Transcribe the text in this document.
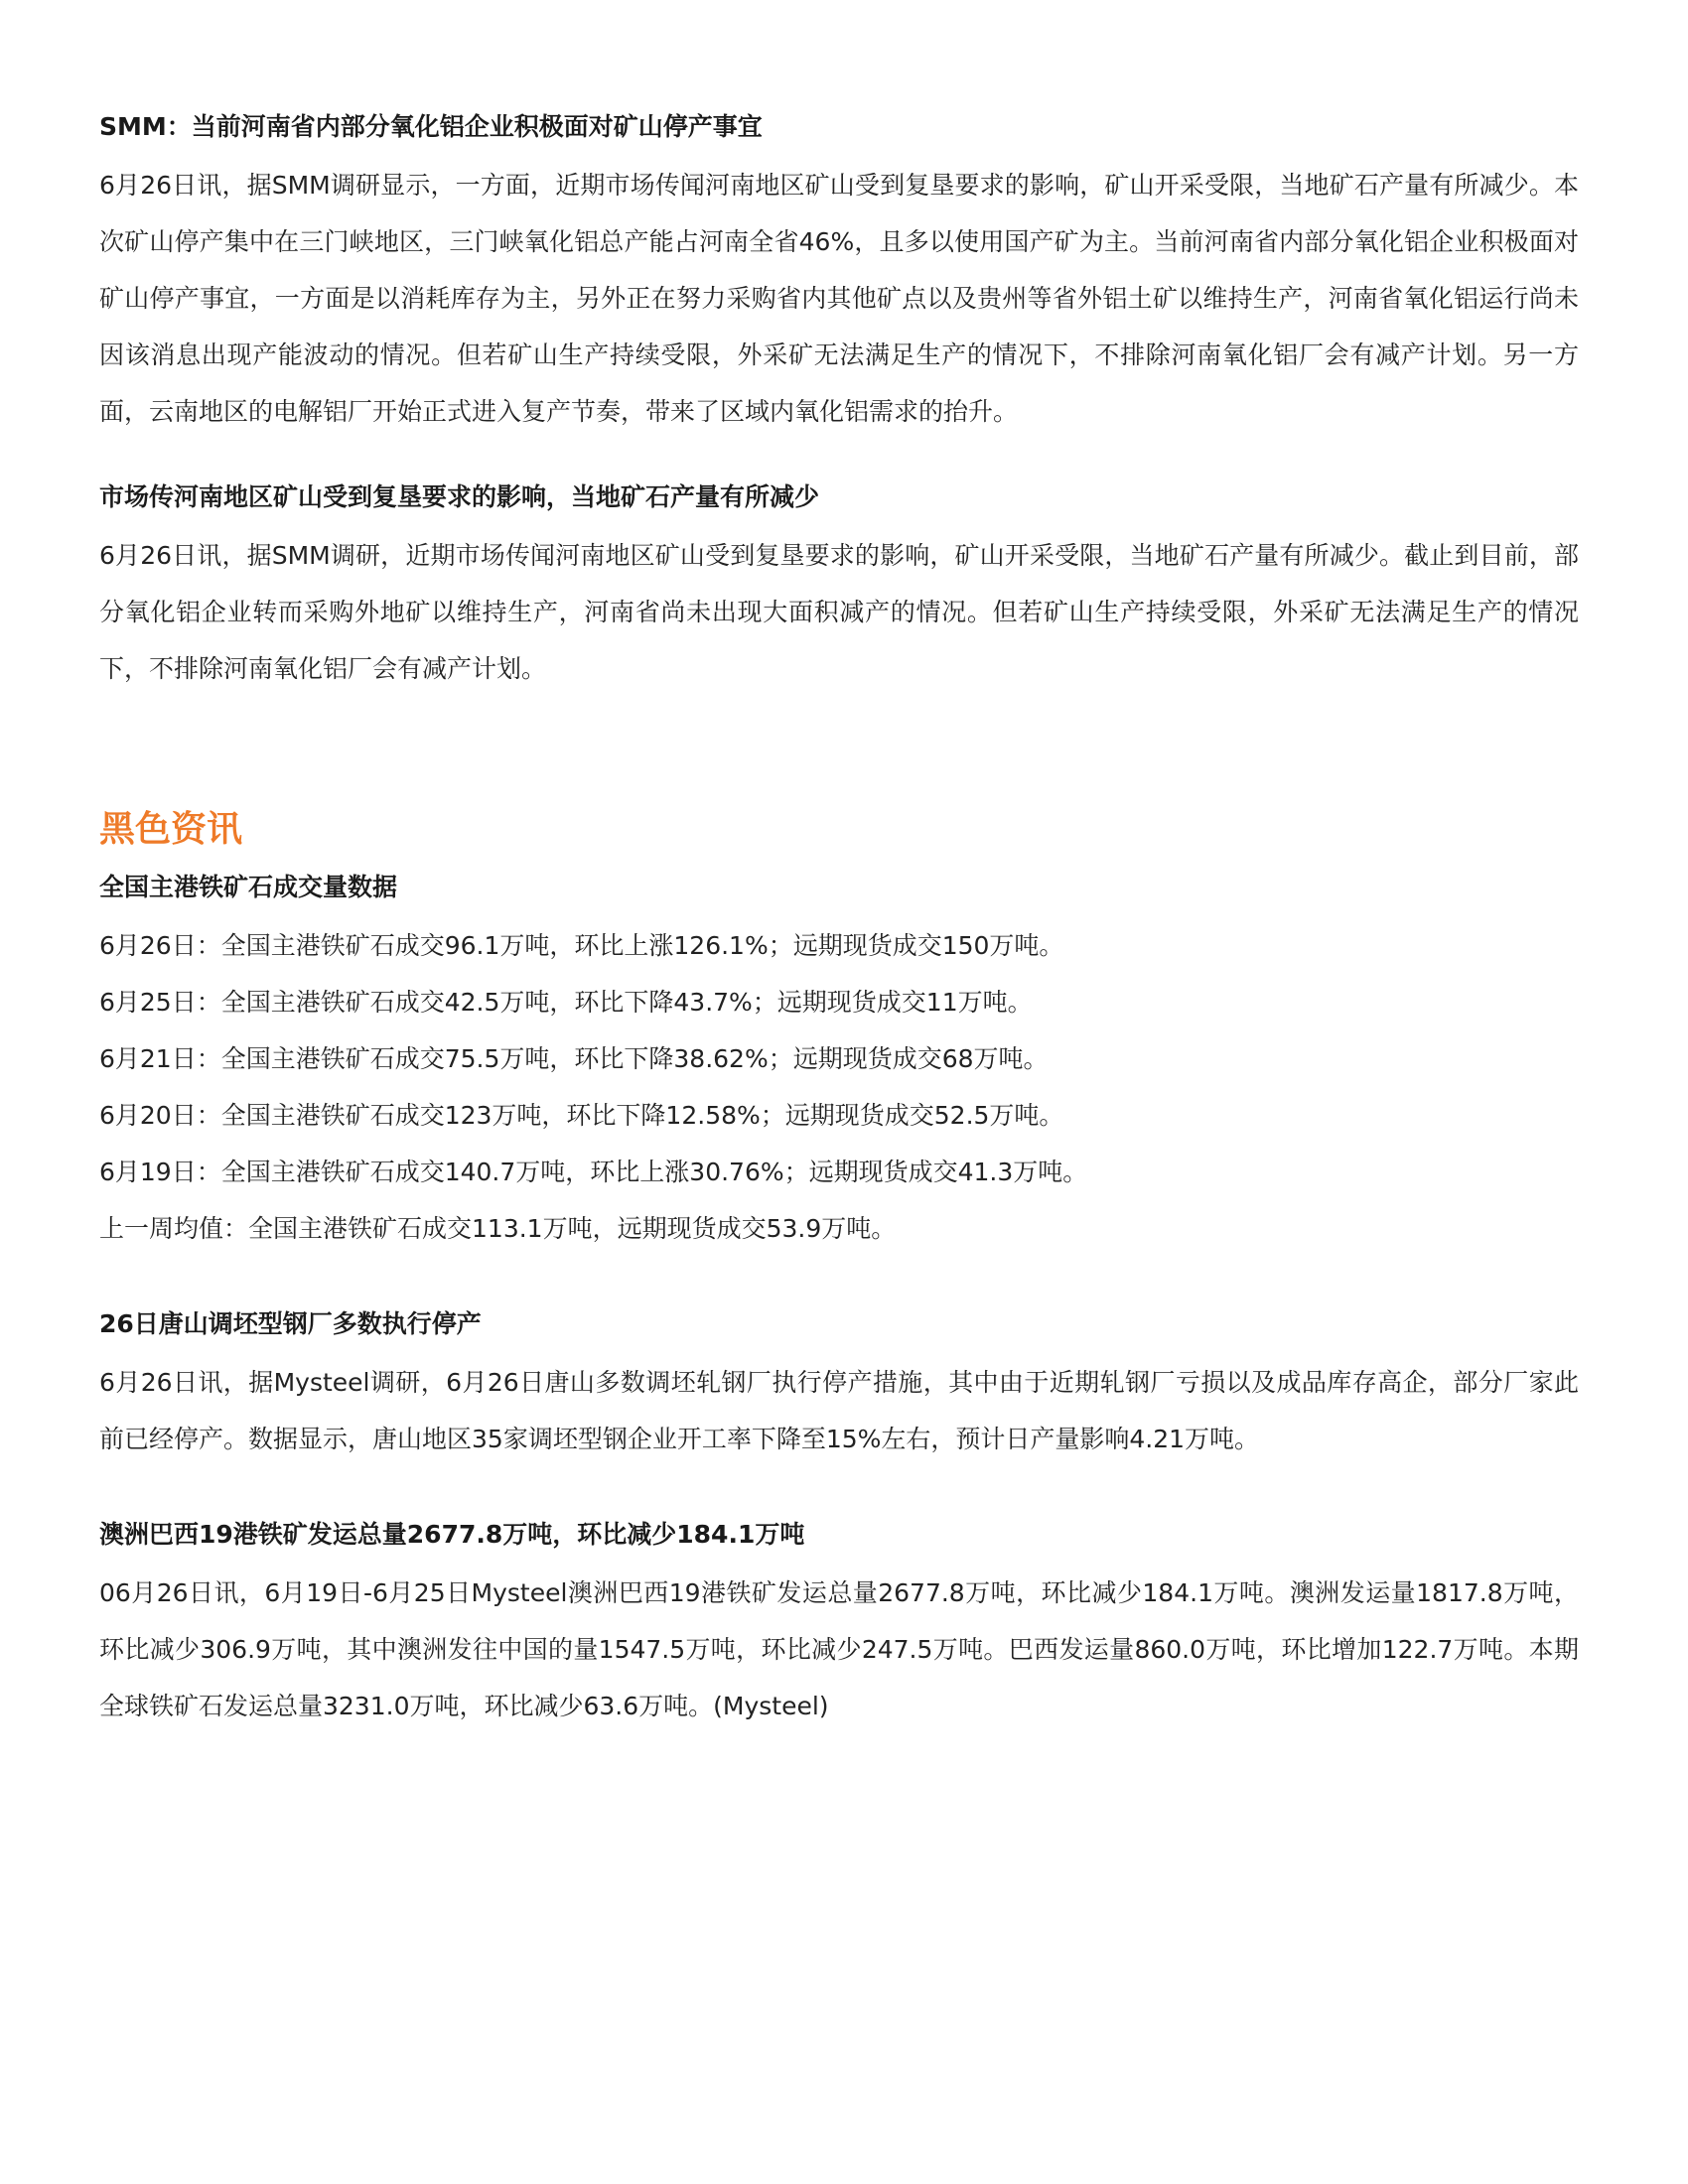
SMM：当前河南省内部分氧化铝企业积极面对矿山停产事宜

6月26日讯，据SMM调研显示，一方面，近期市场传闻河南地区矿山受到复垦要求的影响，矿山开采受限，当地矿石产量有所减少。本次矿山停产集中在三门峡地区，三门峡氧化铝总产能占河南全省46%，且多以使用国产矿为主。当前河南省内部分氧化铝企业积极面对矿山停产事宜，一方面是以消耗库存为主，另外正在努力采购省内其他矿点以及贵州等省外铝土矿以维持生产，河南省氧化铝运行尚未因该消息出现产能波动的情况。但若矿山生产持续受限，外采矿无法满足生产的情况下，不排除河南氧化铝厂会有减产计划。另一方面，云南地区的电解铝厂开始正式进入复产节奏，带来了区域内氧化铝需求的抬升。

市场传河南地区矿山受到复垦要求的影响，当地矿石产量有所减少

6月26日讯，据SMM调研，近期市场传闻河南地区矿山受到复垦要求的影响，矿山开采受限，当地矿石产量有所减少。截止到目前，部分氧化铝企业转而采购外地矿以维持生产，河南省尚未出现大面积减产的情况。但若矿山生产持续受限，外采矿无法满足生产的情况下，不排除河南氧化铝厂会有减产计划。

黑色资讯
全国主港铁矿石成交量数据

6月26日：全国主港铁矿石成交96.1万吨，环比上涨126.1%；远期现货成交150万吨。

6月25日：全国主港铁矿石成交42.5万吨，环比下降43.7%；远期现货成交11万吨。

6月21日：全国主港铁矿石成交75.5万吨，环比下降38.62%；远期现货成交68万吨。

6月20日：全国主港铁矿石成交123万吨，环比下降12.58%；远期现货成交52.5万吨。

6月19日：全国主港铁矿石成交140.7万吨，环比上涨30.76%；远期现货成交41.3万吨。

上一周均值：全国主港铁矿石成交113.1万吨，远期现货成交53.9万吨。

26日唐山调坯型钢厂多数执行停产

6月26日讯，据Mysteel调研，6月26日唐山多数调坯轧钢厂执行停产措施，其中由于近期轧钢厂亏损以及成品库存高企，部分厂家此前已经停产。数据显示，唐山地区35家调坯型钢企业开工率下降至15%左右，预计日产量影响4.21万吨。

澳洲巴西19港铁矿发运总量2677.8万吨，环比减少184.1万吨

06月26日讯，6月19日-6月25日Mysteel澳洲巴西19港铁矿发运总量2677.8万吨，环比减少184.1万吨。澳洲发运量1817.8万吨，环比减少306.9万吨，其中澳洲发往中国的量1547.5万吨，环比减少247.5万吨。巴西发运量860.0万吨，环比增加122.7万吨。本期全球铁矿石发运总量3231.0万吨，环比减少63.6万吨。(Mysteel)
